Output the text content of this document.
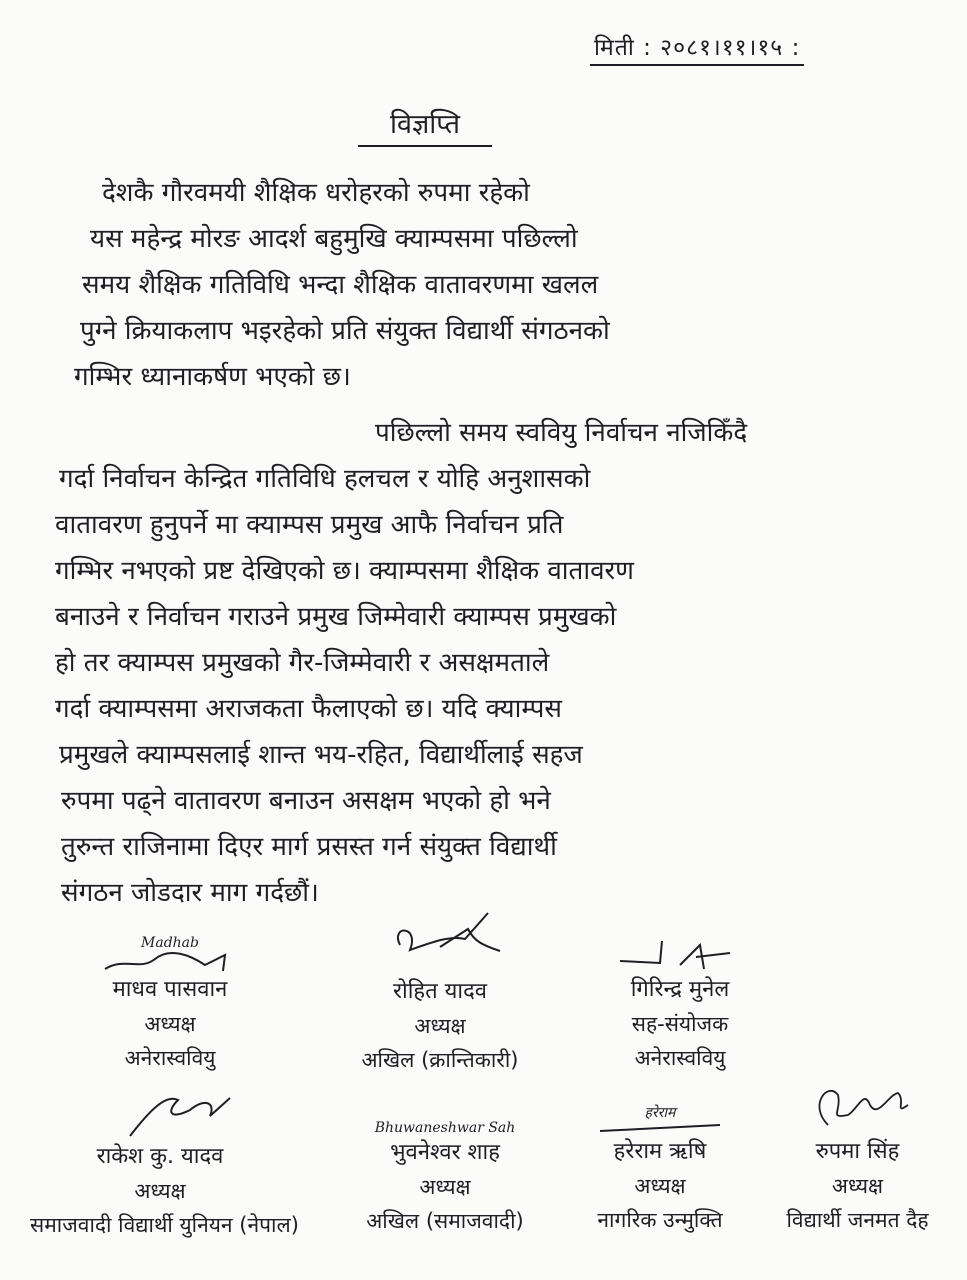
मिती : २०८१।११।१५ :
विज्ञप्ति

देशकै गौरवमयी शैक्षिक धरोहरको रुपमा रहेको
यस महेन्द्र मोरङ आदर्श बहुमुखि क्याम्पसमा पछिल्लो
समय शैक्षिक गतिविधि भन्दा शैक्षिक वातावरणमा खलल
पुग्ने क्रियाकलाप भइरहेको प्रति संयुक्त विद्यार्थी संगठनको
गम्भिर ध्यानाकर्षण भएको छ।

पछिल्लो समय स्ववियु निर्वाचन नजिकिँदै
गर्दा निर्वाचन केन्द्रित गतिविधि हलचल र योहि अनुशासको
वातावरण हुनुपर्ने मा क्याम्पस प्रमुख आफै निर्वाचन प्रति
गम्भिर नभएको प्रष्ट देखिएको छ। क्याम्पसमा शैक्षिक वातावरण
बनाउने र निर्वाचन गराउने प्रमुख जिम्मेवारी क्याम्पस प्रमुखको
हो तर क्याम्पस प्रमुखको गैर-जिम्मेवारी र असक्षमताले
गर्दा क्याम्पसमा अराजकता फैलाएको छ। यदि क्याम्पस
प्रमुखले क्याम्पसलाई शान्त भय-रहित, विद्यार्थीलाई सहज
रुपमा पढ्ने वातावरण बनाउन असक्षम भएको हो भने
तुरुन्त राजिनामा दिएर मार्ग प्रसस्त गर्न संयुक्त विद्यार्थी
संगठन जोडदार माग गर्दछौं।

Madhab
माधव पासवान
अध्यक्ष
अनेरास्ववियु
रोहित यादव
अध्यक्ष
अखिल (क्रान्तिकारी)
गिरिन्द्र मुनेल
सह-संयोजक
अनेरास्ववियु
राकेश कु. यादव
अध्यक्ष
समाजवादी विद्यार्थी युनियन (नेपाल)
Bhuwaneshwar Sah
भुवनेश्वर शाह
अध्यक्ष
अखिल (समाजवादी)
हरेराम
हरेराम ऋषि
अध्यक्ष
नागरिक उन्मुक्ति
रुपमा सिंह
अध्यक्ष
विद्यार्थी जनमत दैह
